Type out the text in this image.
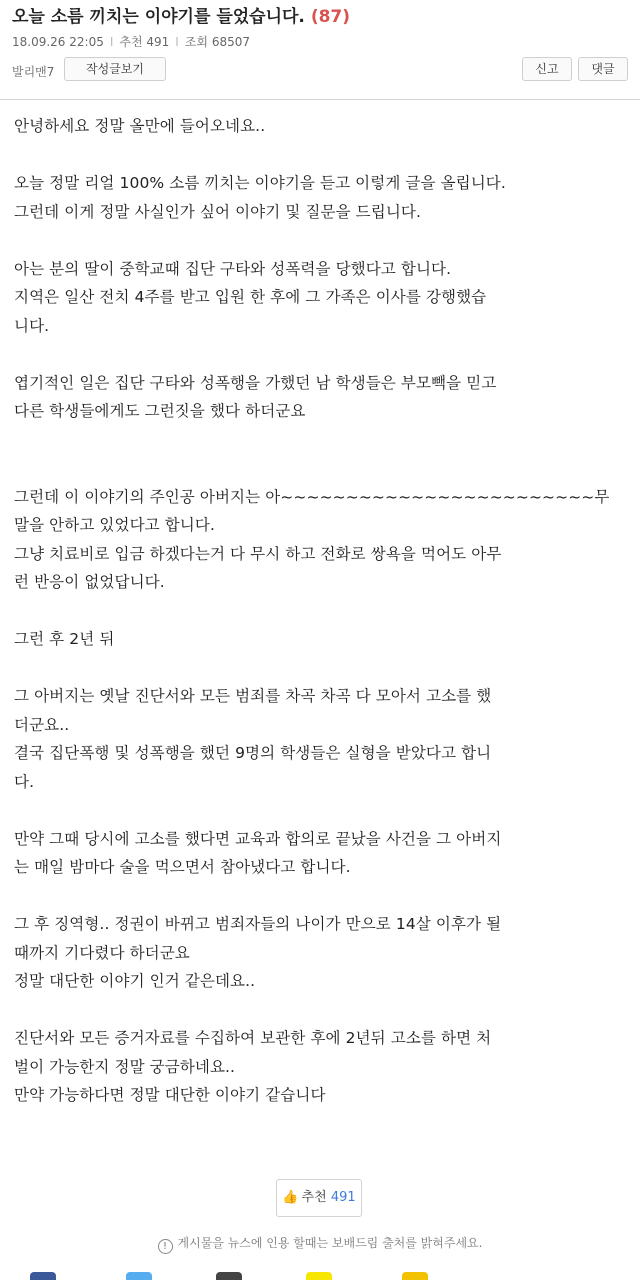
오늘 소름 끼치는 이야기를 들었습니다. (87)
18.09.26 22:05 I 추천 491 I 조회 68507
발리맨7	작성글보기	신고	댓글

안녕하세요 정말 올만에 들어오네요..

오늘 정말 리얼 100% 소름 끼치는 이야기을 듣고 이렇게 글을 올립니다.

그런데 이게 정말 사실인가 싶어 이야기 및 질문을 드립니다.

아는 분의 딸이 중학교때 집단 구타와 성폭력을 당했다고 합니다.

지역은 일산 전치 4주를 받고 입원 한 후에 그 가족은 이사를 강행했습

니다.

엽기적인 일은 집단 구타와 성폭행을 가했던 남 학생들은 부모빽을 믿고

다른 학생들에게도 그런짓을 했다 하더군요

그런데 이 이야기의 주인공 아버지는 아~~~~~~~~~~~~~~~~~~~~~~~~무

말을 안하고 있었다고 합니다.

그냥 치료비로 입금 하겠다는거 다 무시 하고 전화로 쌍욕을 먹어도 아무

런 반응이 없었답니다.

그런 후 2년 뒤

그 아버지는 옛날 진단서와 모든 범죄를 차곡 차곡 다 모아서 고소를 했

더군요..

결국 집단폭행 및 성폭행을 했던 9명의 학생들은 실형을 받았다고 합니

다.

만약 그때 당시에 고소를 했다면 교육과 합의로 끝났을 사건을 그 아버지

는 매일 밤마다 술을 먹으면서 참아냈다고 합니다.

그 후 징역형.. 정권이 바뀌고 범죄자들의 나이가 만으로 14살 이후가 될

때까지 기다렸다 하더군요

정말 대단한 이야기 인거 같은데요..

진단서와 모든 증거자료를 수집하여 보관한 후에 2년뒤 고소를 하면 처

벌이 가능한지 정말 궁금하네요..

만약 가능하다면 정말 대단한 이야기 같습니다

👍 추천 491
! 게시물을 뉴스에 인용 할때는 보배드림 출처를 밝혀주세요.
